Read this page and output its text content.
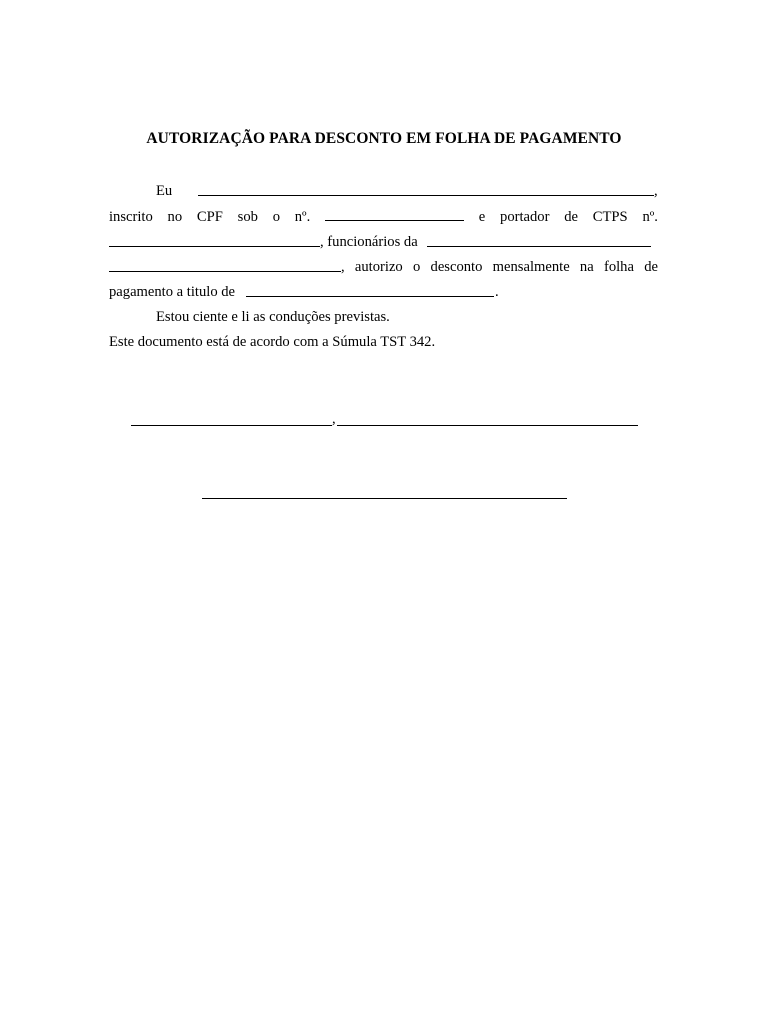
AUTORIZAÇÃO PARA DESCONTO EM FOLHA DE PAGAMENTO
Eu	,
inscrito no CPF sob o nº.	e portador de CTPS nº.
, funcionários da
, autorizo o desconto mensalmente na folha de
pagamento a titulo de	.
Estou ciente e li as conduções previstas.
Este documento está de acordo com a Súmula TST 342.
,
